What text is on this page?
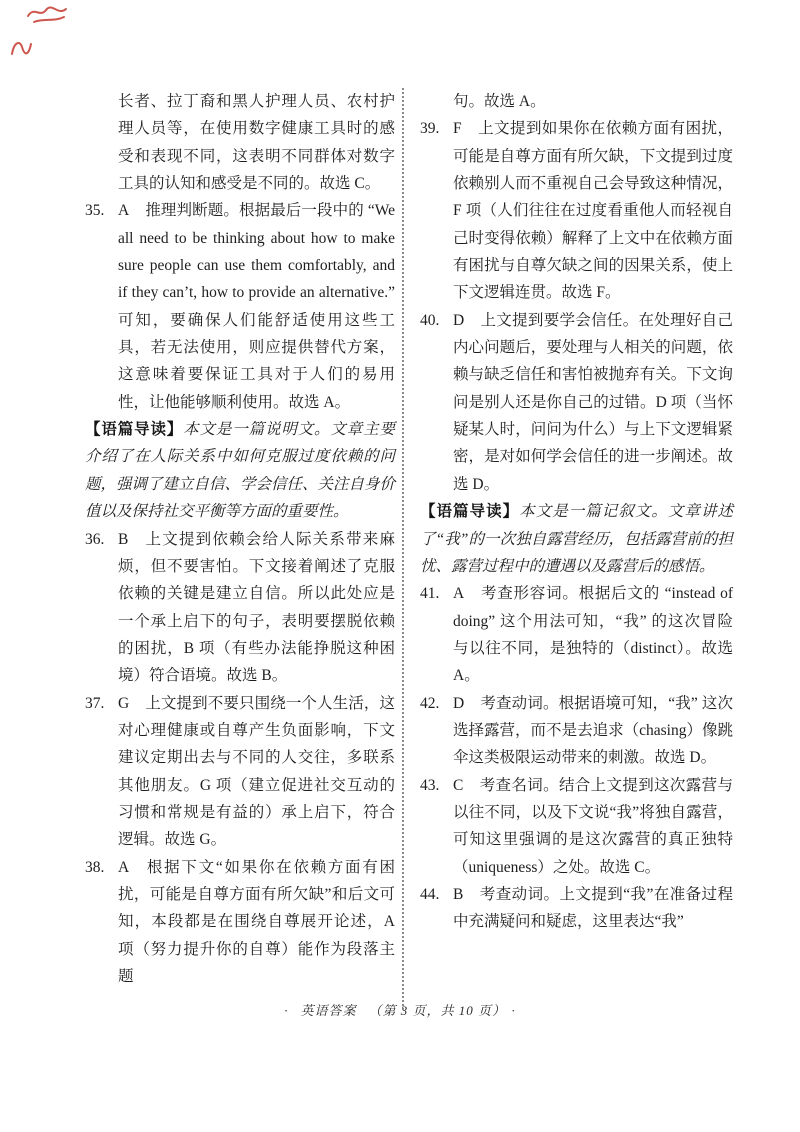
长者、拉丁裔和黑人护理人员、农村护理人员等，在使用数字健康工具时的感受和表现不同，这表明不同群体对数字工具的认知和感受是不同的。故选 C。
35. A 推理判断题。根据最后一段中的 “We all need to be thinking about how to make sure people can use them comfortably, and if they can’t, how to provide an alternative.” 可知，要确保人们能舒适使用这些工具，若无法使用，则应提供替代方案，这意味着要保证工具对于人们的易用性，让他能够顺利使用。故选 A。
【语篇导读】本文是一篇说明文。文章主要介绍了在人际关系中如何克服过度依赖的问题，强调了建立自信、学会信任、关注自身价值以及保持社交平衡等方面的重要性。
36. B 上文提到依赖会给人际关系带来麻烦，但不要害怕。下文接着阐述了克服依赖的关键是建立自信。所以此处应是一个承上启下的句子，表明要摆脱依赖的困扰，B 项（有些办法能挣脱这种困境）符合语境。故选 B。
37. G 上文提到不要只围绕一个人生活，这对心理健康或自尊产生负面影响，下文建议定期出去与不同的人交往，多联系其他朋友。G 项（建立促进社交互动的习惯和常规是有益的）承上启下，符合逻辑。故选 G。
38. A 根据下文“如果你在依赖方面有困扰，可能是自尊方面有所欠缺”和后文可知，本段都是在围绕自尊展开论述，A 项（努力提升你的自尊）能作为段落主题
句。故选 A。
39. F 上文提到如果你在依赖方面有困扰，可能是自尊方面有所欠缺，下文提到过度依赖别人而不重视自己会导致这种情况，F 项（人们往往在过度看重他人而轻视自己时变得依赖）解释了上文中在依赖方面有困扰与自尊欠缺之间的因果关系，使上下文逻辑连贯。故选 F。
40. D 上文提到要学会信任。在处理好自己内心问题后，要处理与人相关的问题，依赖与缺乏信任和害怕被抛弃有关。下文询问是别人还是你自己的过错。D 项（当怀疑某人时，问问为什么）与上下文逻辑紧密，是对如何学会信任的进一步阐述。故选 D。
【语篇导读】本文是一篇记叙文。文章讲述了“我”的一次独自露营经历，包括露营前的担忧、露营过程中的遭遇以及露营后的感悟。
41. A 考查形容词。根据后文的 “instead of doing” 这个用法可知，“我” 的这次冒险与以往不同，是独特的（distinct）。故选 A。
42. D 考查动词。根据语境可知，“我” 这次选择露营，而不是去追求（chasing）像跳伞这类极限运动带来的刺激。故选 D。
43. C 考查名词。结合上文提到这次露营与以往不同，以及下文说“我”将独自露营，可知这里强调的是这次露营的真正独特（uniqueness）之处。故选 C。
44. B 考查动词。上文提到“我”在准备过程中充满疑问和疑虑，这里表达“我”
· 英语答案 （第 3 页，共 10 页） ·
